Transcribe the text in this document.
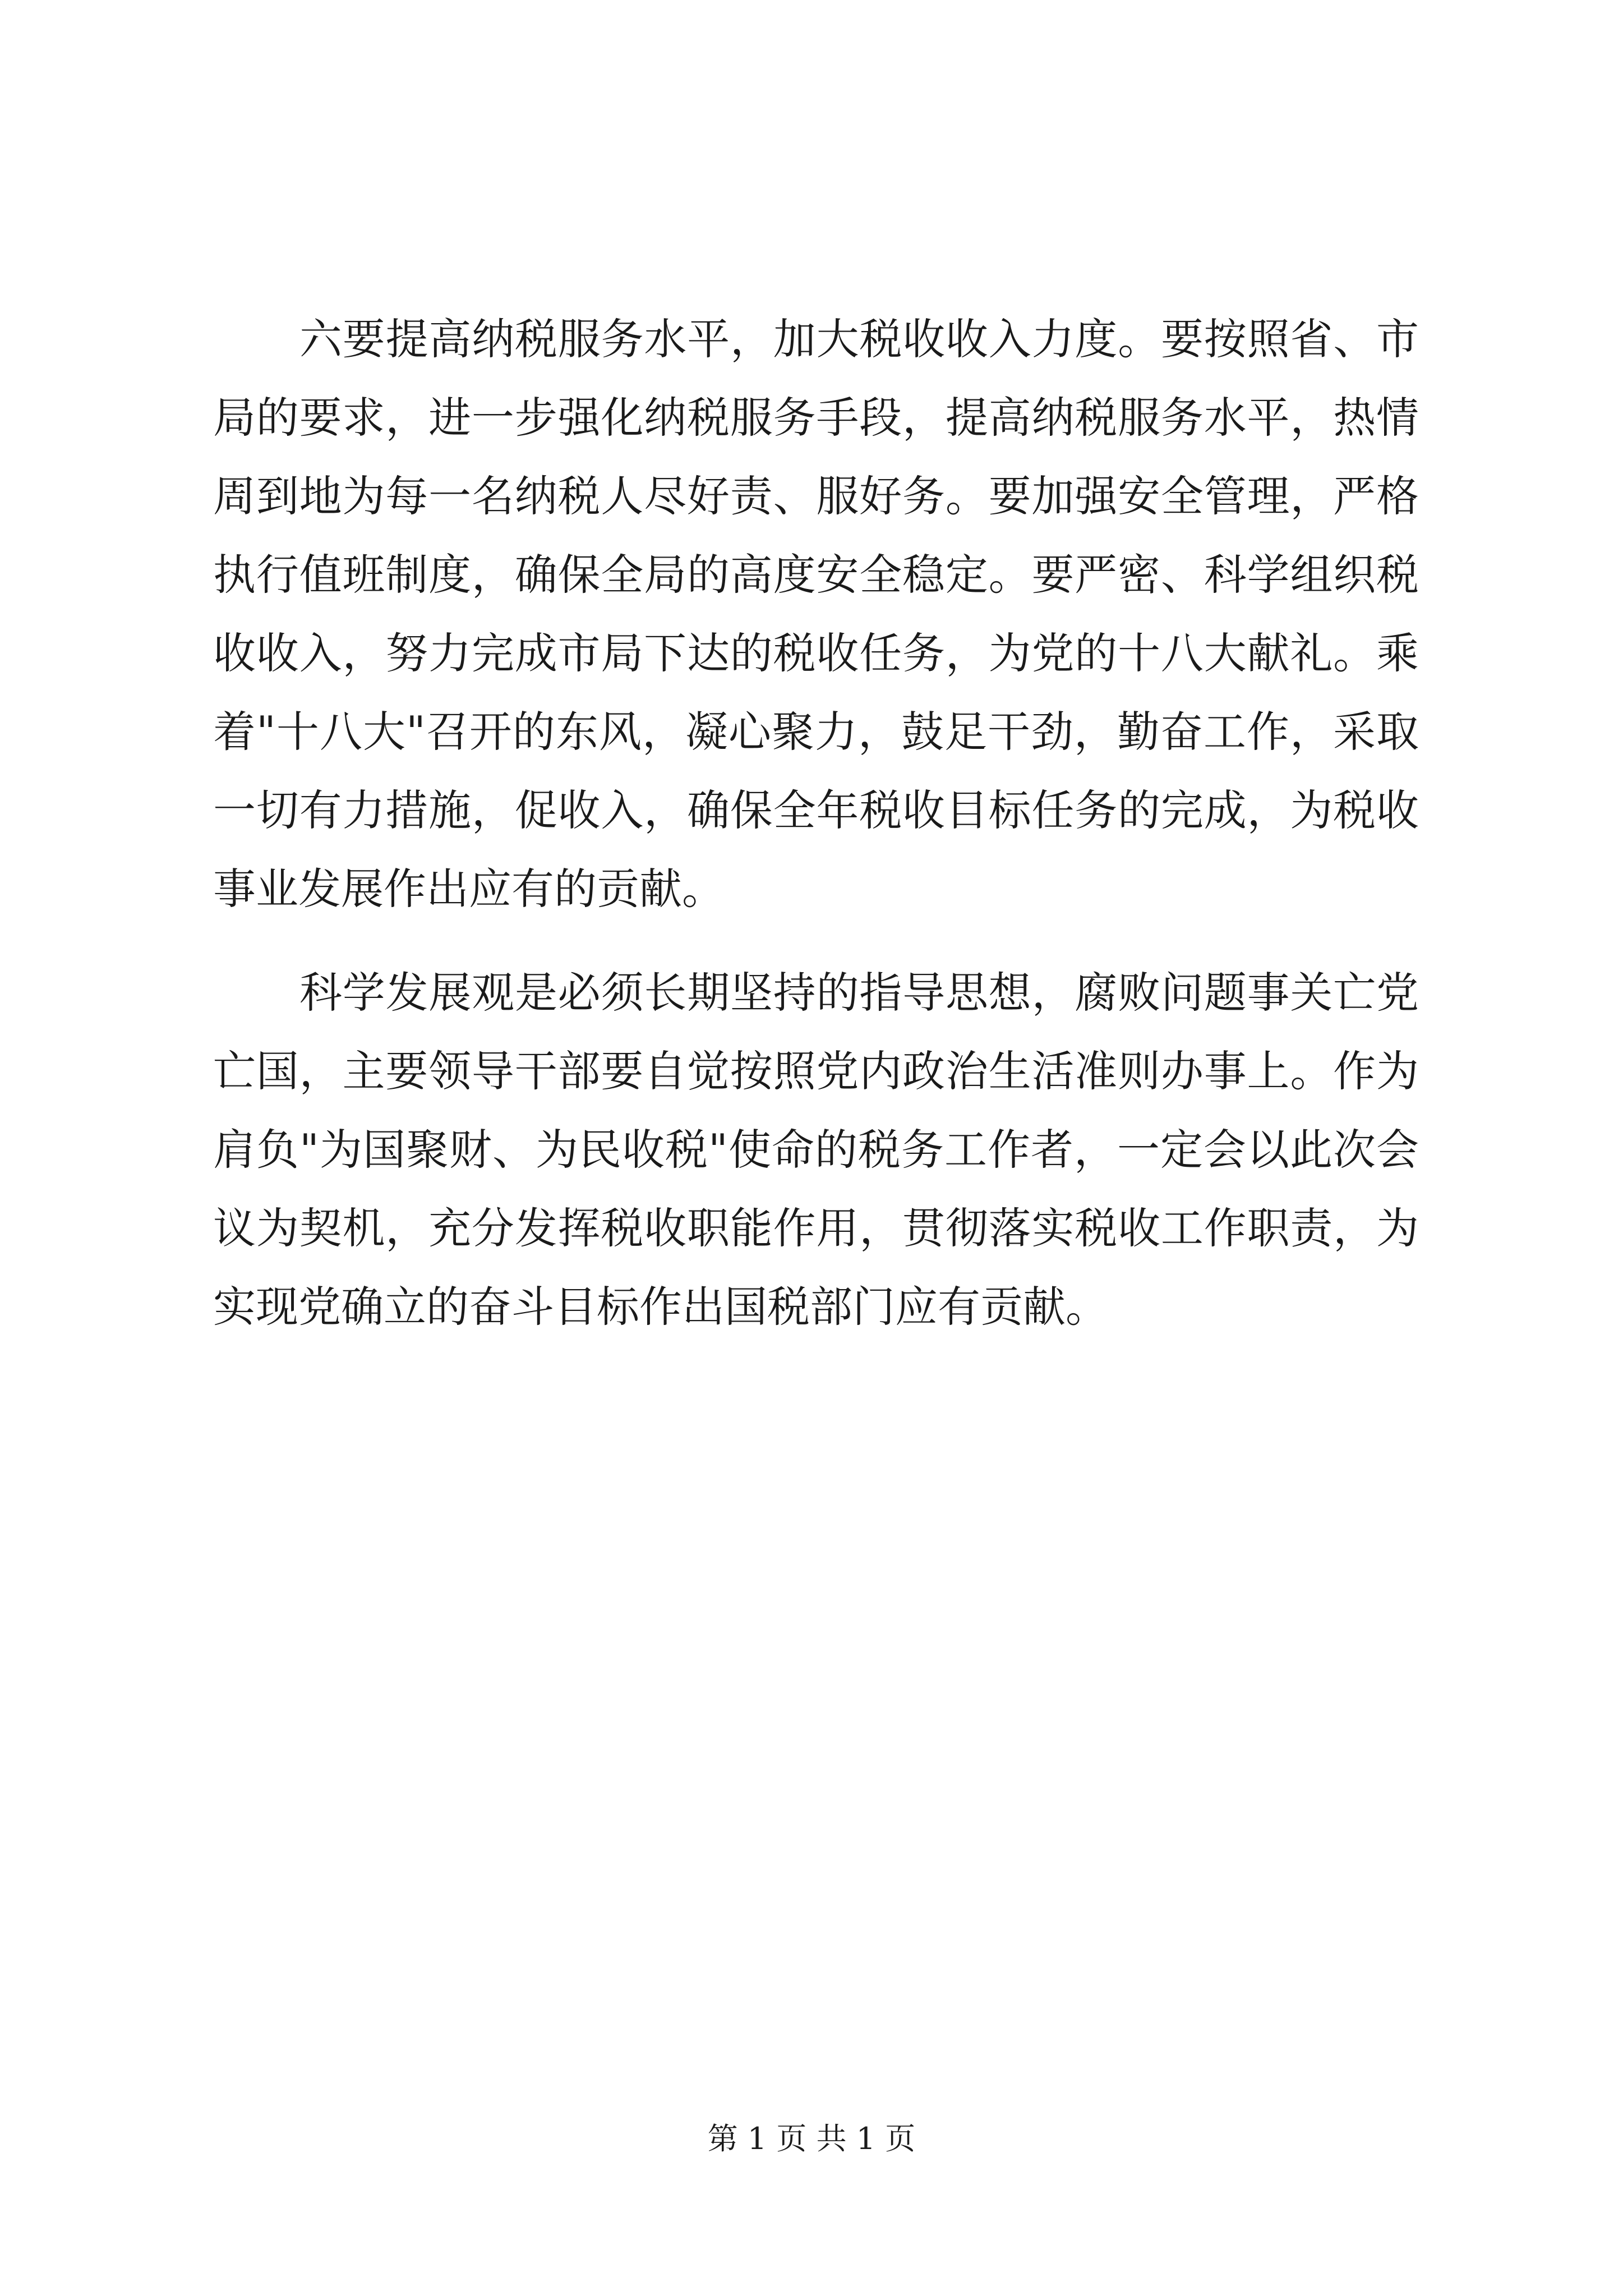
六要提高纳税服务水平，加大税收收入力度。要按照省、市
局的要求，进一步强化纳税服务手段，提高纳税服务水平，热情
周到地为每一名纳税人尽好责、服好务。要加强安全管理，严格
执行值班制度，确保全局的高度安全稳定。要严密、科学组织税
收收入，努力完成市局下达的税收任务，为党的十八大献礼。乘
着"十八大"召开的东风，凝心聚力，鼓足干劲，勤奋工作，采取
一切有力措施，促收入，确保全年税收目标任务的完成，为税收
事业发展作出应有的贡献。
科学发展观是必须长期坚持的指导思想，腐败问题事关亡党
亡国，主要领导干部要自觉按照党内政治生活准则办事上。作为
肩负"为国聚财、为民收税"使命的税务工作者，一定会以此次会
议为契机，充分发挥税收职能作用，贯彻落实税收工作职责，为
实现党确立的奋斗目标作出国税部门应有贡献。
第 1 页 共 1 页
